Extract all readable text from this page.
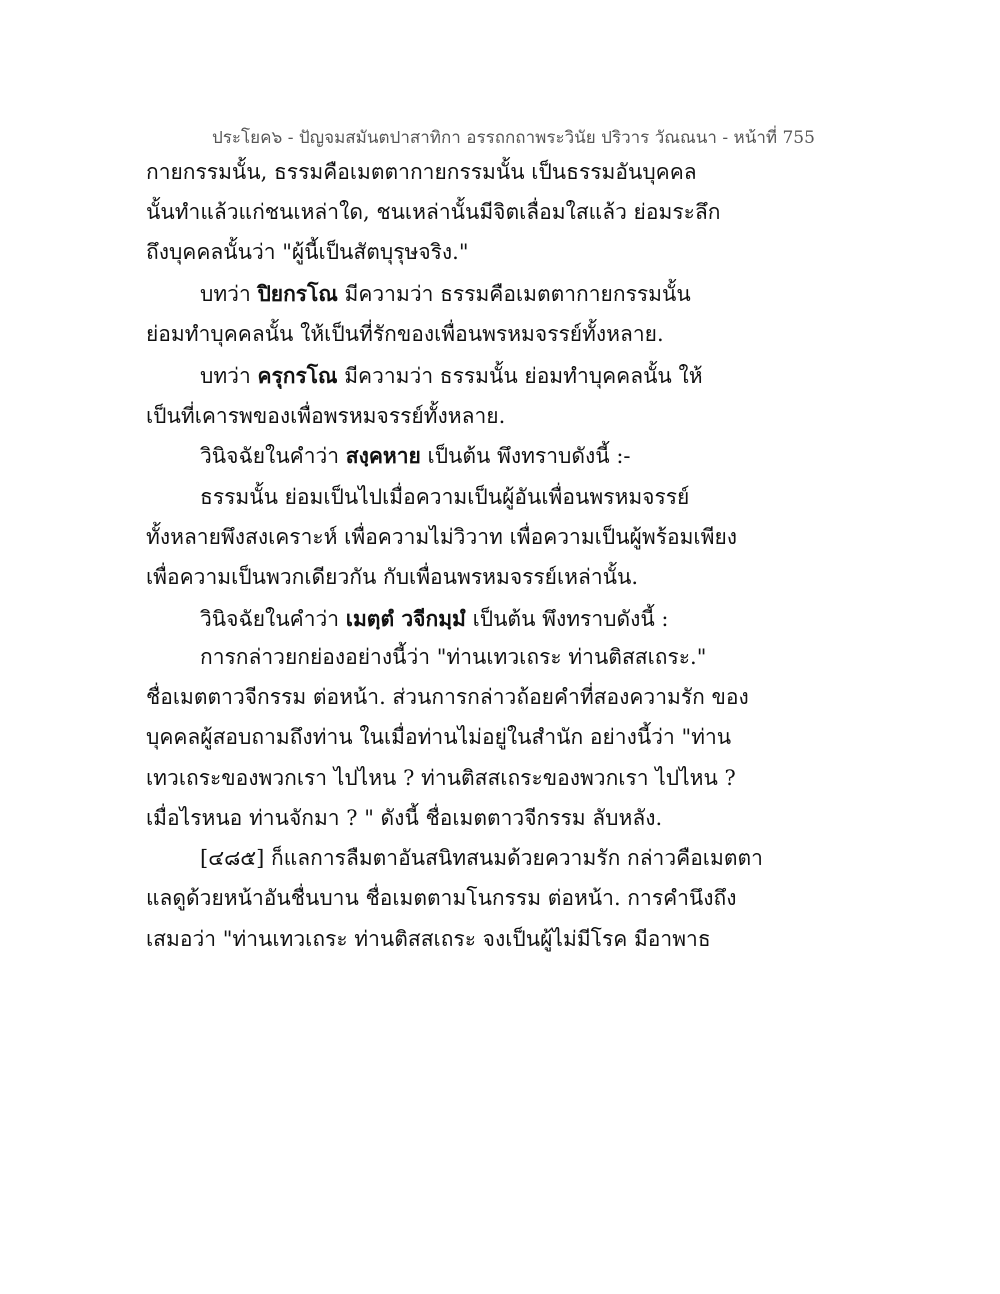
ประโยค๖ - ปัญจมสมันตปาสาทิกา อรรถกถาพระวินัย ปริวาร วัณณนา - หน้าที่ 755
กายกรรมนั้น, ธรรมคือเมตตากายกรรมนั้น เป็นธรรมอันบุคคล
นั้นทำแล้วแก่ชนเหล่าใด, ชนเหล่านั้นมีจิตเลื่อมใสแล้ว ย่อมระลึก
ถึงบุคคลนั้นว่า "ผู้นี้เป็นสัตบุรุษจริง."
บทว่า ปิยกรโณ มีความว่า ธรรมคือเมตตากายกรรมนั้น
ย่อมทำบุคคลนั้น ให้เป็นที่รักของเพื่อนพรหมจรรย์ทั้งหลาย.
บทว่า ครุกรโณ มีความว่า ธรรมนั้น ย่อมทำบุคคลนั้น ให้
เป็นที่เคารพของเพื่อพรหมจรรย์ทั้งหลาย.
วินิจฉัยในคำว่า สงฺคหาย เป็นต้น พึงทราบดังนี้ :-
ธรรมนั้น ย่อมเป็นไปเมื่อความเป็นผู้อันเพื่อนพรหมจรรย์
ทั้งหลายพึงสงเคราะห์ เพื่อความไม่วิวาท เพื่อความเป็นผู้พร้อมเพียง
เพื่อความเป็นพวกเดียวกัน กับเพื่อนพรหมจรรย์เหล่านั้น.
วินิจฉัยในคำว่า เมตฺตํ วจีกมฺมํ เป็นต้น พึงทราบดังนี้ :
การกล่าวยกย่องอย่างนี้ว่า "ท่านเทวเถระ ท่านติสสเถระ."
ชื่อเมตตาวจีกรรม ต่อหน้า. ส่วนการกล่าวถ้อยคำที่สองความรัก ของ
บุคคลผู้สอบถามถึงท่าน ในเมื่อท่านไม่อยู่ในสำนัก อย่างนี้ว่า "ท่าน
เทวเถระของพวกเรา ไปไหน ? ท่านติสสเถระของพวกเรา ไปไหน ?
เมื่อไรหนอ ท่านจักมา ? " ดังนี้ ชื่อเมตตาวจีกรรม ลับหลัง.
[๔๘๕] ก็แลการลืมตาอันสนิทสนมด้วยความรัก กล่าวคือเมตตา
แลดูด้วยหน้าอันชื่นบาน ชื่อเมตตามโนกรรม ต่อหน้า. การคำนึงถึง
เสมอว่า "ท่านเทวเถระ ท่านติสสเถระ จงเป็นผู้ไม่มีโรค มีอาพาธ
